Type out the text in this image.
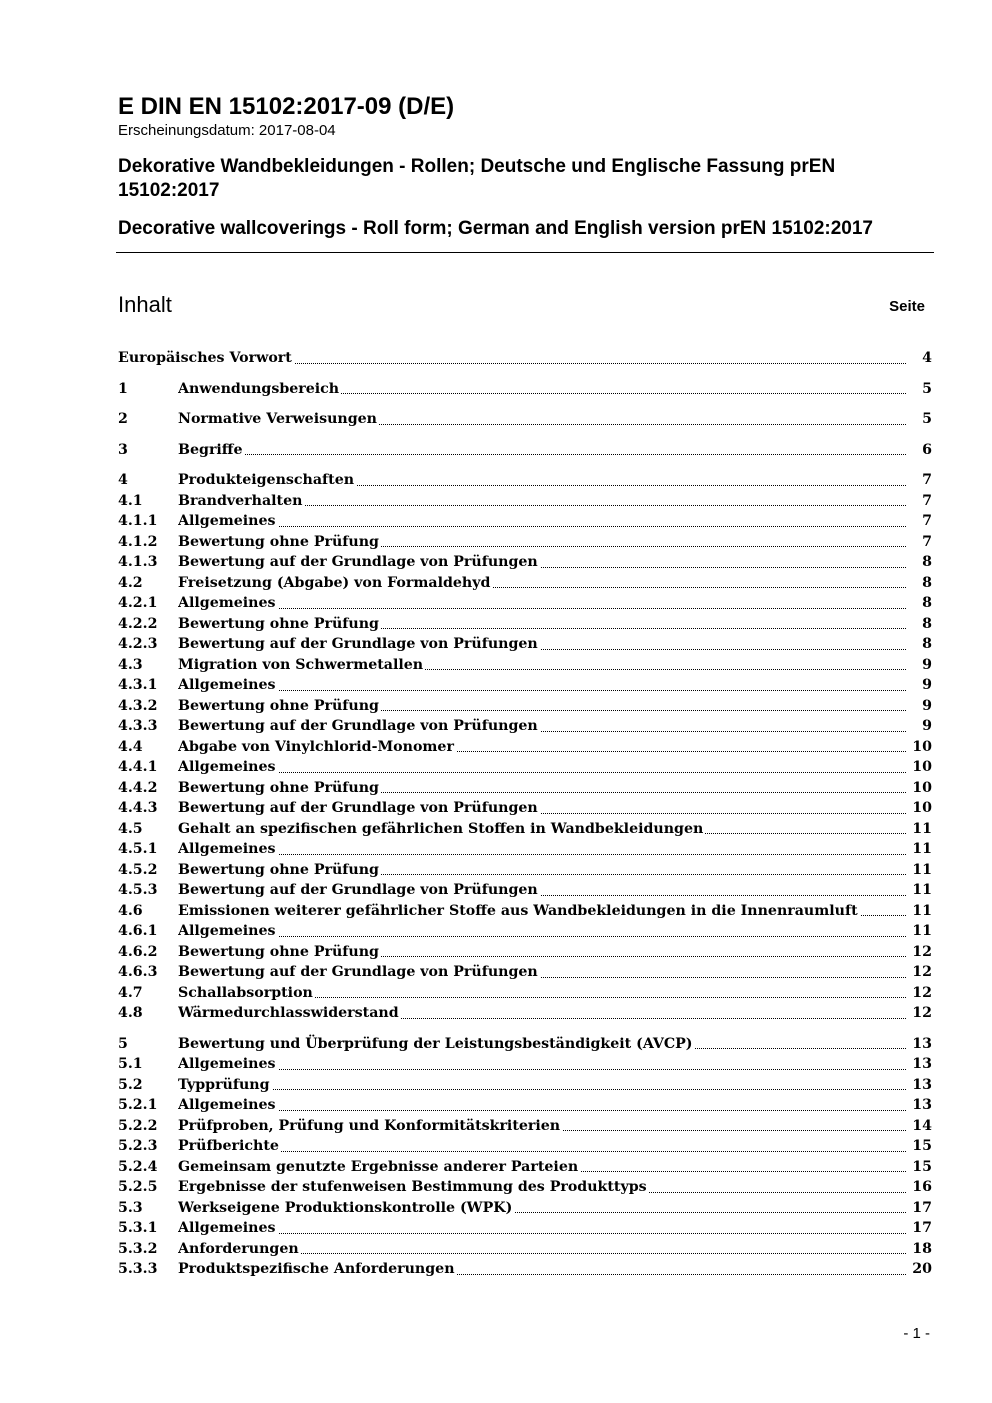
E DIN EN 15102:2017-09 (D/E)
Erscheinungsdatum: 2017-08-04
Dekorative Wandbekleidungen - Rollen; Deutsche und Englische Fassung prEN 15102:2017
Decorative wallcoverings - Roll form; German and English version prEN 15102:2017
Inhalt	Seite
Europäisches Vorwort	4
1	Anwendungsbereich	5
2	Normative Verweisungen	5
3	Begriffe	6
4	Produkteigenschaften	7
4.1 Brandverhalten	7
4.1.1 Allgemeines	7
4.1.2 Bewertung ohne Prüfung	7
4.1.3 Bewertung auf der Grundlage von Prüfungen	8
4.2 Freisetzung (Abgabe) von Formaldehyd	8
4.2.1 Allgemeines	8
4.2.2 Bewertung ohne Prüfung	8
4.2.3 Bewertung auf der Grundlage von Prüfungen	8
4.3 Migration von Schwermetallen	9
4.3.1 Allgemeines	9
4.3.2 Bewertung ohne Prüfung	9
4.3.3 Bewertung auf der Grundlage von Prüfungen	9
4.4 Abgabe von Vinylchlorid-Monomer	10
4.4.1 Allgemeines	10
4.4.2 Bewertung ohne Prüfung	10
4.4.3 Bewertung auf der Grundlage von Prüfungen	10
4.5 Gehalt an spezifischen gefährlichen Stoffen in Wandbekleidungen	11
4.5.1 Allgemeines	11
4.5.2 Bewertung ohne Prüfung	11
4.5.3 Bewertung auf der Grundlage von Prüfungen	11
4.6 Emissionen weiterer gefährlicher Stoffe aus Wandbekleidungen in die Innenraumluft	11
4.6.1 Allgemeines	11
4.6.2 Bewertung ohne Prüfung	12
4.6.3 Bewertung auf der Grundlage von Prüfungen	12
4.7 Schallabsorption	12
4.8 Wärmedurchlasswiderstand	12
5	Bewertung und Überprüfung der Leistungsbeständigkeit (AVCP)	13
5.1 Allgemeines	13
5.2 Typprüfung	13
5.2.1 Allgemeines	13
5.2.2 Prüfproben, Prüfung und Konformitätskriterien	14
5.2.3 Prüfberichte	15
5.2.4 Gemeinsam genutzte Ergebnisse anderer Parteien	15
5.2.5 Ergebnisse der stufenweisen Bestimmung des Produkttyps	16
5.3 Werkseigene Produktionskontrolle (WPK)	17
5.3.1 Allgemeines	17
5.3.2 Anforderungen	18
5.3.3 Produktspezifische Anforderungen	20
- 1 -
